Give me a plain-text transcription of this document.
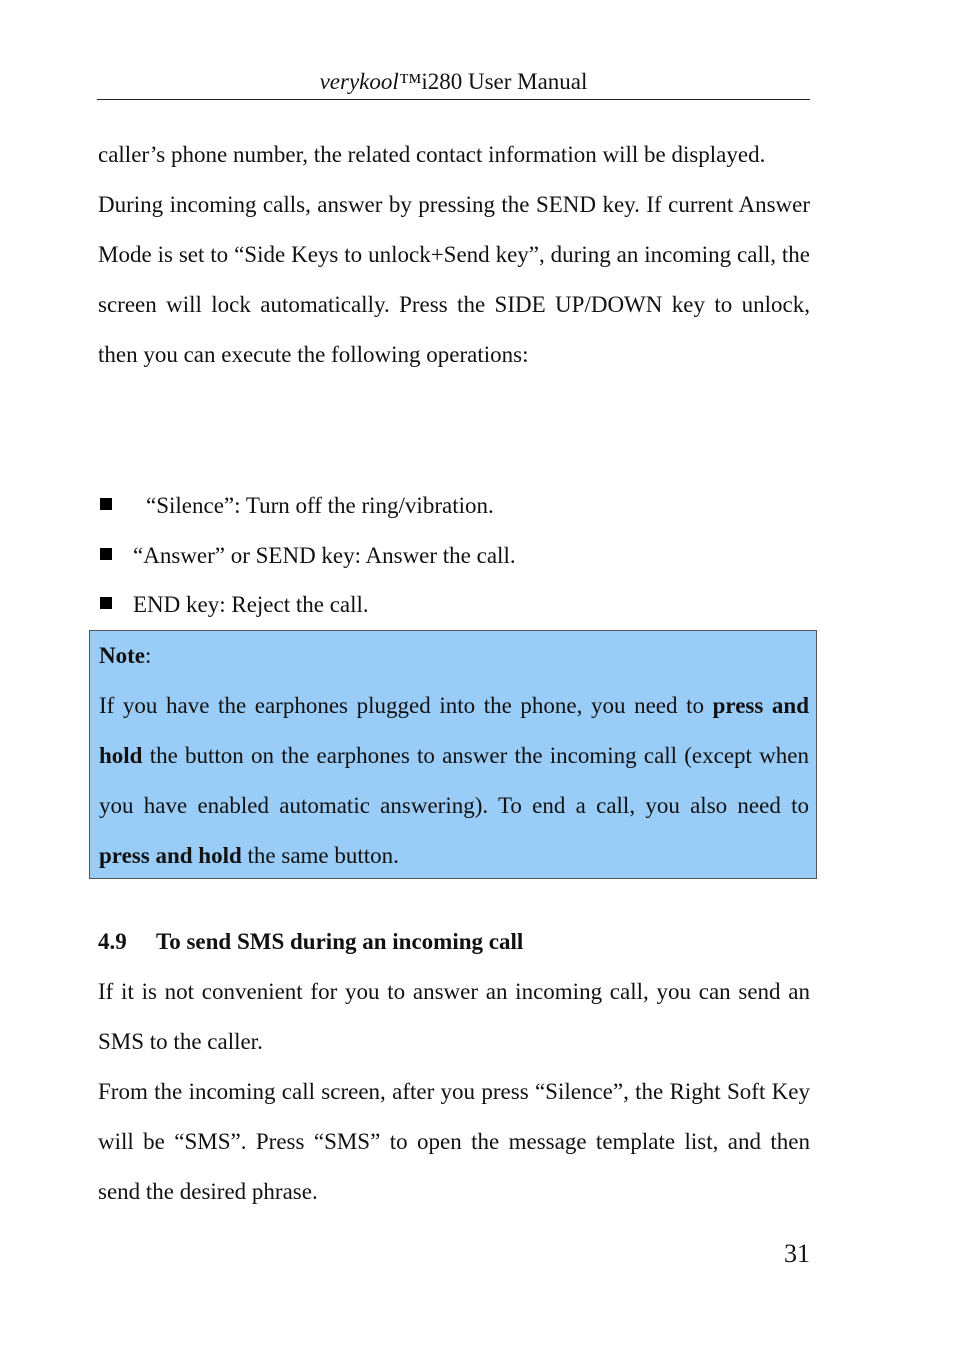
verykool™i280 User Manual

caller’s phone number, the related contact information will be displayed.

During incoming calls, answer by pressing the SEND key. If current Answer Mode is set to “Side Keys to unlock+Send key”, during an incoming call, the screen will lock automatically. Press the SIDE UP/DOWN key to unlock, then you can execute the following operations:

“Silence”: Turn off the ring/vibration.
“Answer” or SEND key: Answer the call.
END key: Reject the call.
Note:
If you have the earphones plugged into the phone, you need to press and hold the button on the earphones to answer the incoming call (except when you have enabled automatic answering). To end a call, you also need to press and hold the same button.
4.9 To send SMS during an incoming call

If it is not convenient for you to answer an incoming call, you can send an SMS to the caller.

From the incoming call screen, after you press “Silence”, the Right Soft Key will be “SMS”. Press “SMS” to open the message template list, and then send the desired phrase.

31
